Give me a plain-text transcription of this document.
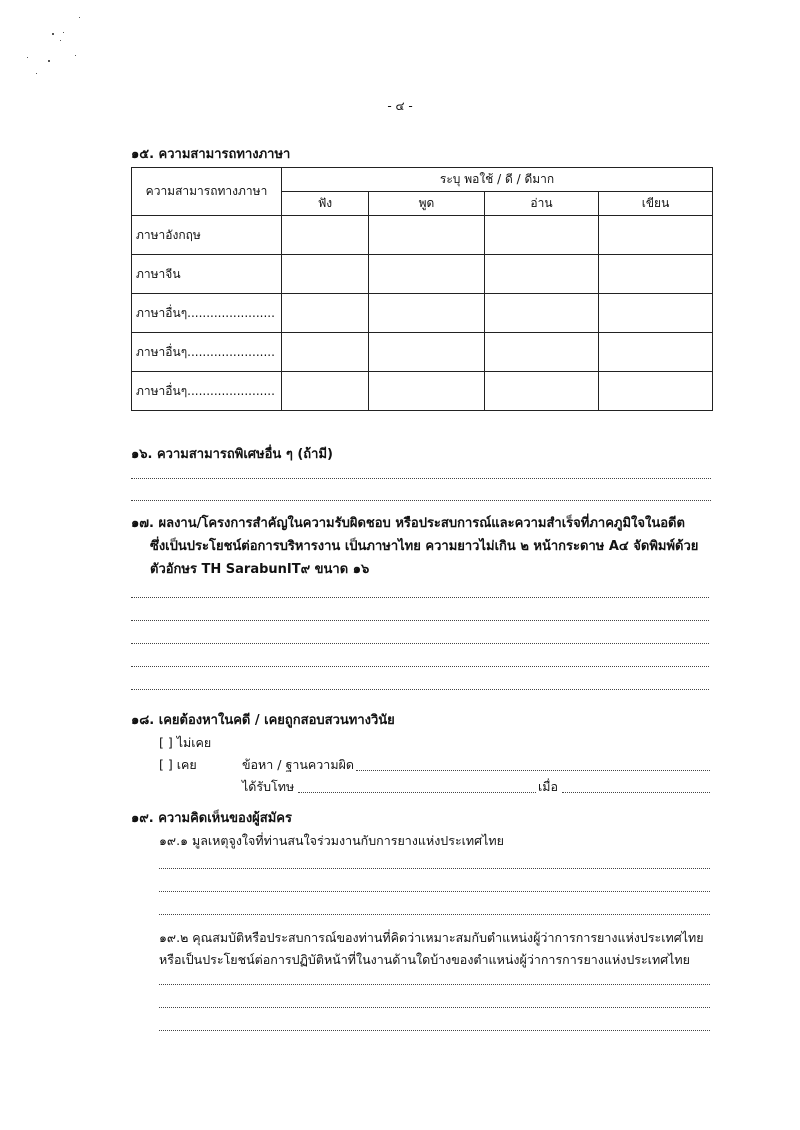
- ๔ -
๑๕. ความสามารถทางภาษา
ความสามารถทางภาษา	ระบุ พอใช้ / ดี / ดีมาก			
	ฟัง	พูด	อ่าน	เขียน
ภาษาอังกฤษ				
ภาษาจีน				
ภาษาอื่นๆ.......................				
ภาษาอื่นๆ.......................				
ภาษาอื่นๆ.......................				
๑๖. ความสามารถพิเศษอื่น ๆ (ถ้ามี)
๑๗. ผลงาน/โครงการสำคัญในความรับผิดชอบ หรือประสบการณ์และความสำเร็จที่ภาคภูมิใจในอดีต
ซึ่งเป็นประโยชน์ต่อการบริหารงาน เป็นภาษาไทย ความยาวไม่เกิน ๒ หน้ากระดาษ A๔ จัดพิมพ์ด้วย
ตัวอักษร TH SarabunIT๙ ขนาด ๑๖
๑๘. เคยต้องหาในคดี / เคยถูกสอบสวนทางวินัย
[ ] ไม่เคย
[ ] เคย	ข้อหา / ฐานความผิด
ได้รับโทษ	เมื่อ
๑๙. ความคิดเห็นของผู้สมัคร
๑๙.๑ มูลเหตุจูงใจที่ท่านสนใจร่วมงานกับการยางแห่งประเทศไทย
๑๙.๒ คุณสมบัติหรือประสบการณ์ของท่านที่คิดว่าเหมาะสมกับตำแหน่งผู้ว่าการการยางแห่งประเทศไทย
หรือเป็นประโยชน์ต่อการปฏิบัติหน้าที่ในงานด้านใดบ้างของตำแหน่งผู้ว่าการการยางแห่งประเทศไทย
